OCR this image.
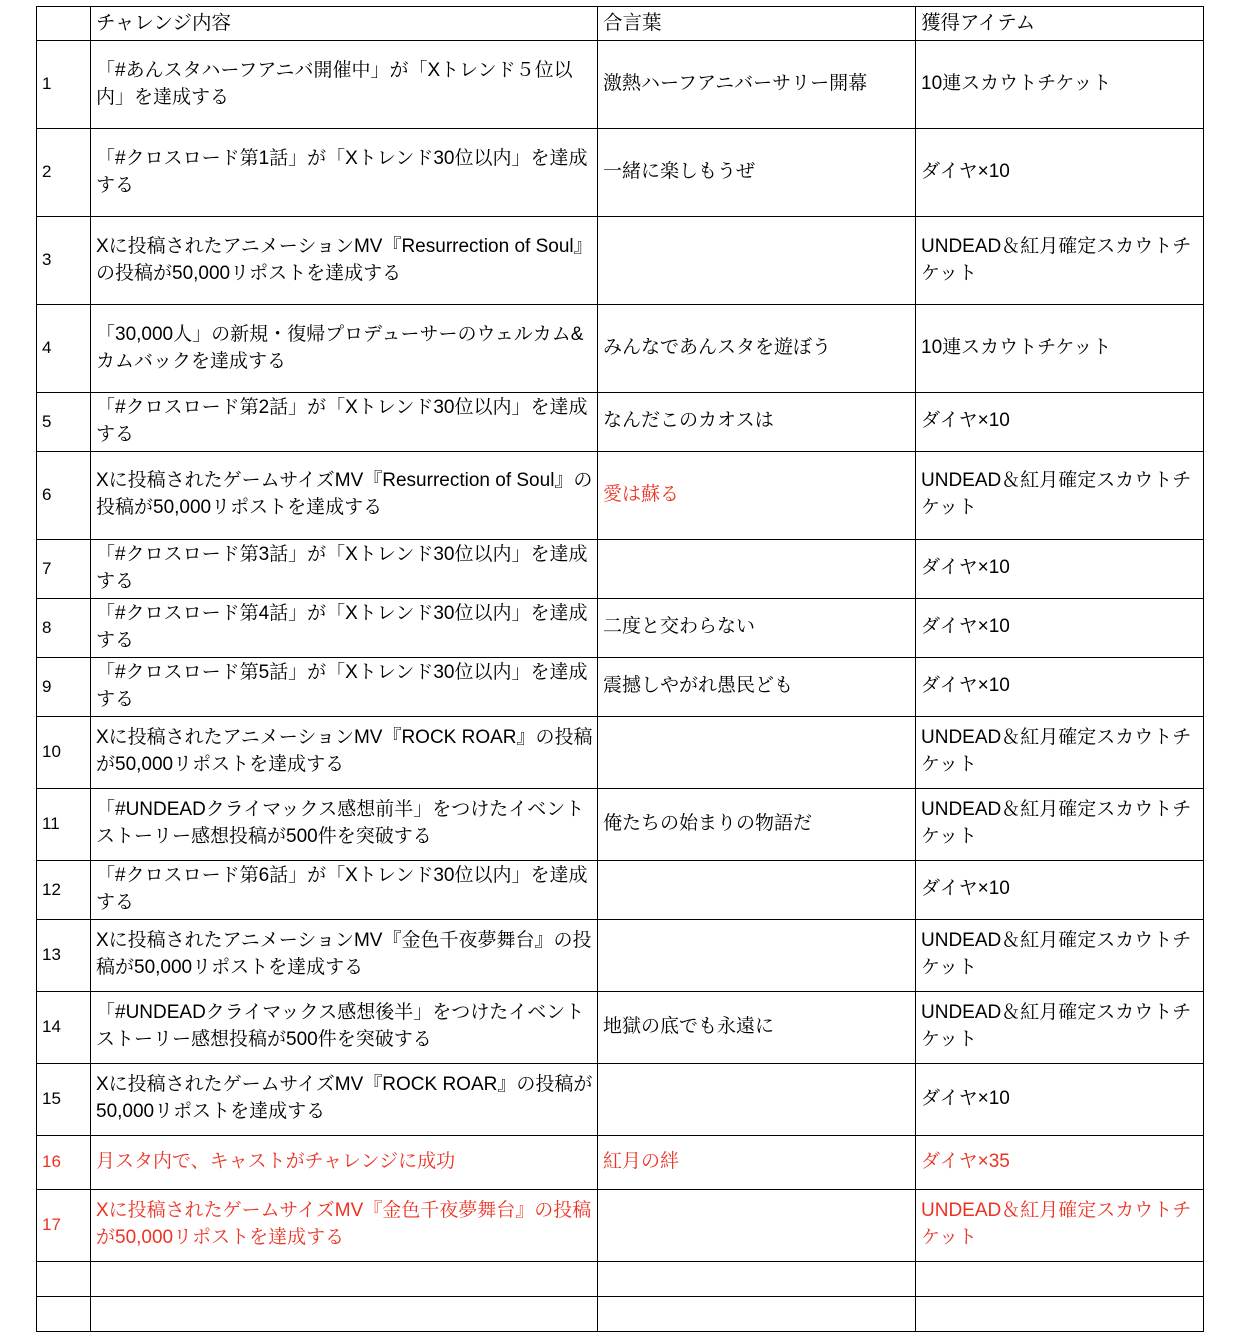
	チャレンジ内容	合言葉	獲得アイテム
1	「#あんスタハーフアニバ開催中」が「Xトレンド５位以内」を達成する	激熱ハーフアニバーサリー開幕	10連スカウトチケット
2	「#クロスロード第1話」が「Xトレンド30位以内」を達成する	一緒に楽しもうぜ	ダイヤ×10
3	Xに投稿されたアニメーションMV『Resurrection of Soul』の投稿が50,000リポストを達成する		UNDEAD＆紅月確定スカウトチケット
4	「30,000人」の新規・復帰プロデューサーのウェルカム&カムバックを達成する	みんなであんスタを遊ぼう	10連スカウトチケット
5	「#クロスロード第2話」が「Xトレンド30位以内」を達成する	なんだこのカオスは	ダイヤ×10
6	Xに投稿されたゲームサイズMV『Resurrection of Soul』の投稿が50,000リポストを達成する	愛は蘇る	UNDEAD＆紅月確定スカウトチケット
7	「#クロスロード第3話」が「Xトレンド30位以内」を達成する		ダイヤ×10
8	「#クロスロード第4話」が「Xトレンド30位以内」を達成する	二度と交わらない	ダイヤ×10
9	「#クロスロード第5話」が「Xトレンド30位以内」を達成する	震撼しやがれ愚民ども	ダイヤ×10
10	Xに投稿されたアニメーションMV『ROCK ROAR』の投稿が50,000リポストを達成する		UNDEAD＆紅月確定スカウトチケット
11	「#UNDEADクライマックス感想前半」をつけたイベントストーリー感想投稿が500件を突破する	俺たちの始まりの物語だ	UNDEAD＆紅月確定スカウトチケット
12	「#クロスロード第6話」が「Xトレンド30位以内」を達成する		ダイヤ×10
13	Xに投稿されたアニメーションMV『金色千夜夢舞台』の投稿が50,000リポストを達成する		UNDEAD＆紅月確定スカウトチケット
14	「#UNDEADクライマックス感想後半」をつけたイベントストーリー感想投稿が500件を突破する	地獄の底でも永遠に	UNDEAD＆紅月確定スカウトチケット
15	Xに投稿されたゲームサイズMV『ROCK ROAR』の投稿が50,000リポストを達成する		ダイヤ×10
16	月スタ内で、キャストがチャレンジに成功	紅月の絆	ダイヤ×35
17	Xに投稿されたゲームサイズMV『金色千夜夢舞台』の投稿が50,000リポストを達成する		UNDEAD＆紅月確定スカウトチケット
